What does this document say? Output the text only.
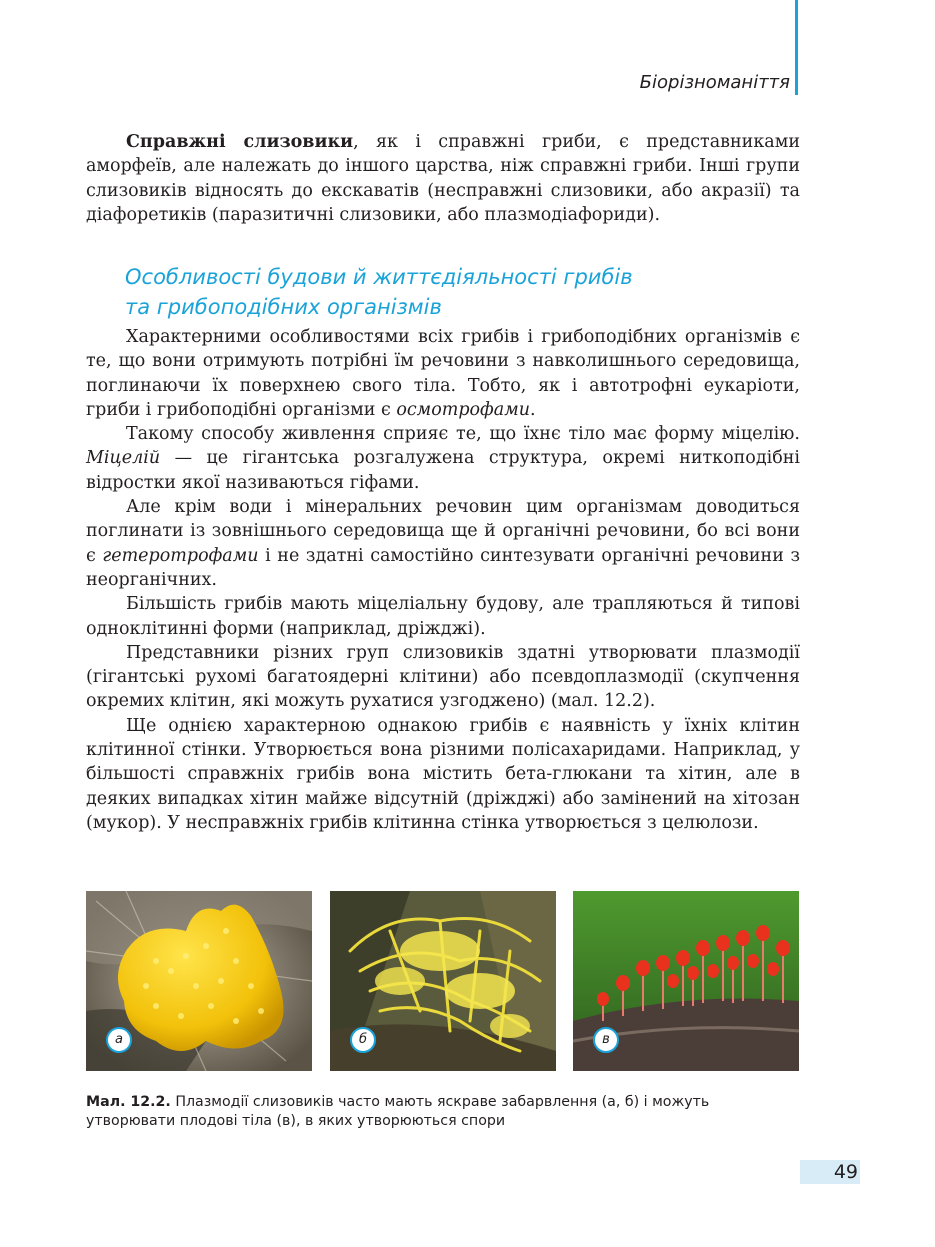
Біорізноманіття

Справжні слизовики, як і справжні гриби, є представниками аморфеїв, але належать до іншого царства, ніж справжні гриби. Інші групи слизовиків відносять до екскаватів (несправжні слизовики, або акразії) та діафоретиків (паразитичні слизовики, або плазмодіафориди).

Особливості будови й життєдіяльності грибів
та грибоподібних організмів

Характерними особливостями всіх грибів і грибоподібних організмів є те, що вони отримують потрібні їм речовини з навколишнього середовища, поглинаючи їх поверхнею свого тіла. Тобто, як і автотрофні еукаріоти, гриби і грибоподібні організми є осмотрофами.

Такому способу живлення сприяє те, що їхнє тіло має форму міцелію. Міцелій — це гігантська розгалужена структура, окремі ниткоподібні відростки якої називаються гіфами.

Але крім води і мінеральних речовин цим організмам доводиться поглинати із зовнішнього середовища ще й органічні речовини, бо всі вони є гетеротрофами і не здатні самостійно синтезувати органічні речовини з неорганічних.

Більшість грибів мають міцеліальну будову, але трапляються й типові одноклітинні форми (наприклад, дріжджі).

Представники різних груп слизовиків здатні утворювати плазмодії (гігантські рухомі багатоядерні клітини) або псевдоплазмодії (скупчення окремих клітин, які можуть рухатися узгоджено) (мал. 12.2).

Ще однією характерною однакою грибів є наявність у їхніх клітин клітинної стінки. Утворюється вона різними полісахаридами. Наприклад, у більшості справжніх грибів вона містить бета-глюкани та хітин, але в деяких випадках хітин майже відсутній (дріжджі) або замінений на хітозан (мукор). У несправжніх грибів клітинна стінка утворюється з целюлози.

а	б	в
Мал. 12.2. Плазмодії слизовиків часто мають яскраве забарвлення (а, б) і можуть утворювати плодові тіла (в), в яких утворюються спори
49
